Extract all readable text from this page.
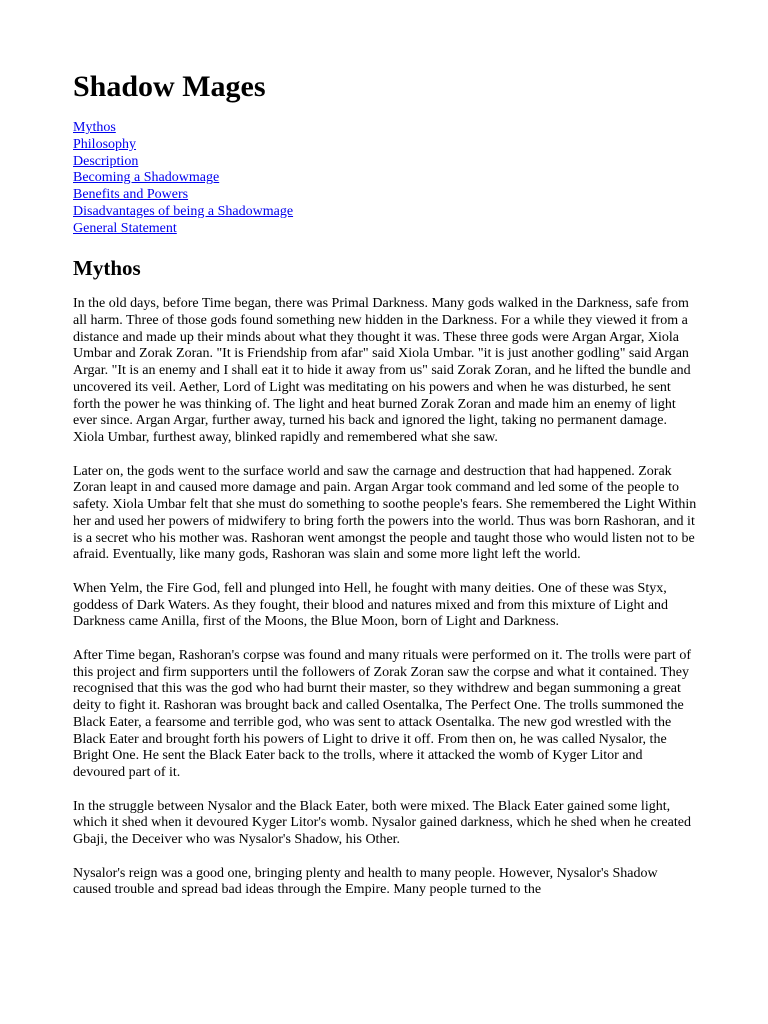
Shadow Mages
Mythos
Philosophy
Description
Becoming a Shadowmage
Benefits and Powers
Disadvantages of being a Shadowmage
General Statement
Mythos

In the old days, before Time began, there was Primal Darkness. Many gods walked in the Darkness, safe from all harm. Three of those gods found something new hidden in the Darkness. For a while they viewed it from a distance and made up their minds about what they thought it was. These three gods were Argan Argar, Xiola Umbar and Zorak Zoran. "It is Friendship from afar" said Xiola Umbar. "it is just another godling" said Argan Argar. "It is an enemy and I shall eat it to hide it away from us" said Zorak Zoran, and he lifted the bundle and uncovered its veil. Aether, Lord of Light was meditating on his powers and when he was disturbed, he sent forth the power he was thinking of. The light and heat burned Zorak Zoran and made him an enemy of light ever since. Argan Argar, further away, turned his back and ignored the light, taking no permanent damage. Xiola Umbar, furthest away, blinked rapidly and remembered what she saw.

Later on, the gods went to the surface world and saw the carnage and destruction that had happened. Zorak Zoran leapt in and caused more damage and pain. Argan Argar took command and led some of the people to safety. Xiola Umbar felt that she must do something to soothe people's fears. She remembered the Light Within her and used her powers of midwifery to bring forth the powers into the world. Thus was born Rashoran, and it is a secret who his mother was. Rashoran went amongst the people and taught those who would listen not to be afraid. Eventually, like many gods, Rashoran was slain and some more light left the world.

When Yelm, the Fire God, fell and plunged into Hell, he fought with many deities. One of these was Styx, goddess of Dark Waters. As they fought, their blood and natures mixed and from this mixture of Light and Darkness came Anilla, first of the Moons, the Blue Moon, born of Light and Darkness.

After Time began, Rashoran's corpse was found and many rituals were performed on it. The trolls were part of this project and firm supporters until the followers of Zorak Zoran saw the corpse and what it contained. They recognised that this was the god who had burnt their master, so they withdrew and began summoning a great deity to fight it. Rashoran was brought back and called Osentalka, The Perfect One. The trolls summoned the Black Eater, a fearsome and terrible god, who was sent to attack Osentalka. The new god wrestled with the Black Eater and brought forth his powers of Light to drive it off. From then on, he was called Nysalor, the Bright One. He sent the Black Eater back to the trolls, where it attacked the womb of Kyger Litor and devoured part of it.

In the struggle between Nysalor and the Black Eater, both were mixed. The Black Eater gained some light, which it shed when it devoured Kyger Litor's womb. Nysalor gained darkness, which he shed when he created Gbaji, the Deceiver who was Nysalor's Shadow, his Other.

Nysalor's reign was a good one, bringing plenty and health to many people. However, Nysalor's Shadow caused trouble and spread bad ideas through the Empire. Many people turned to the
